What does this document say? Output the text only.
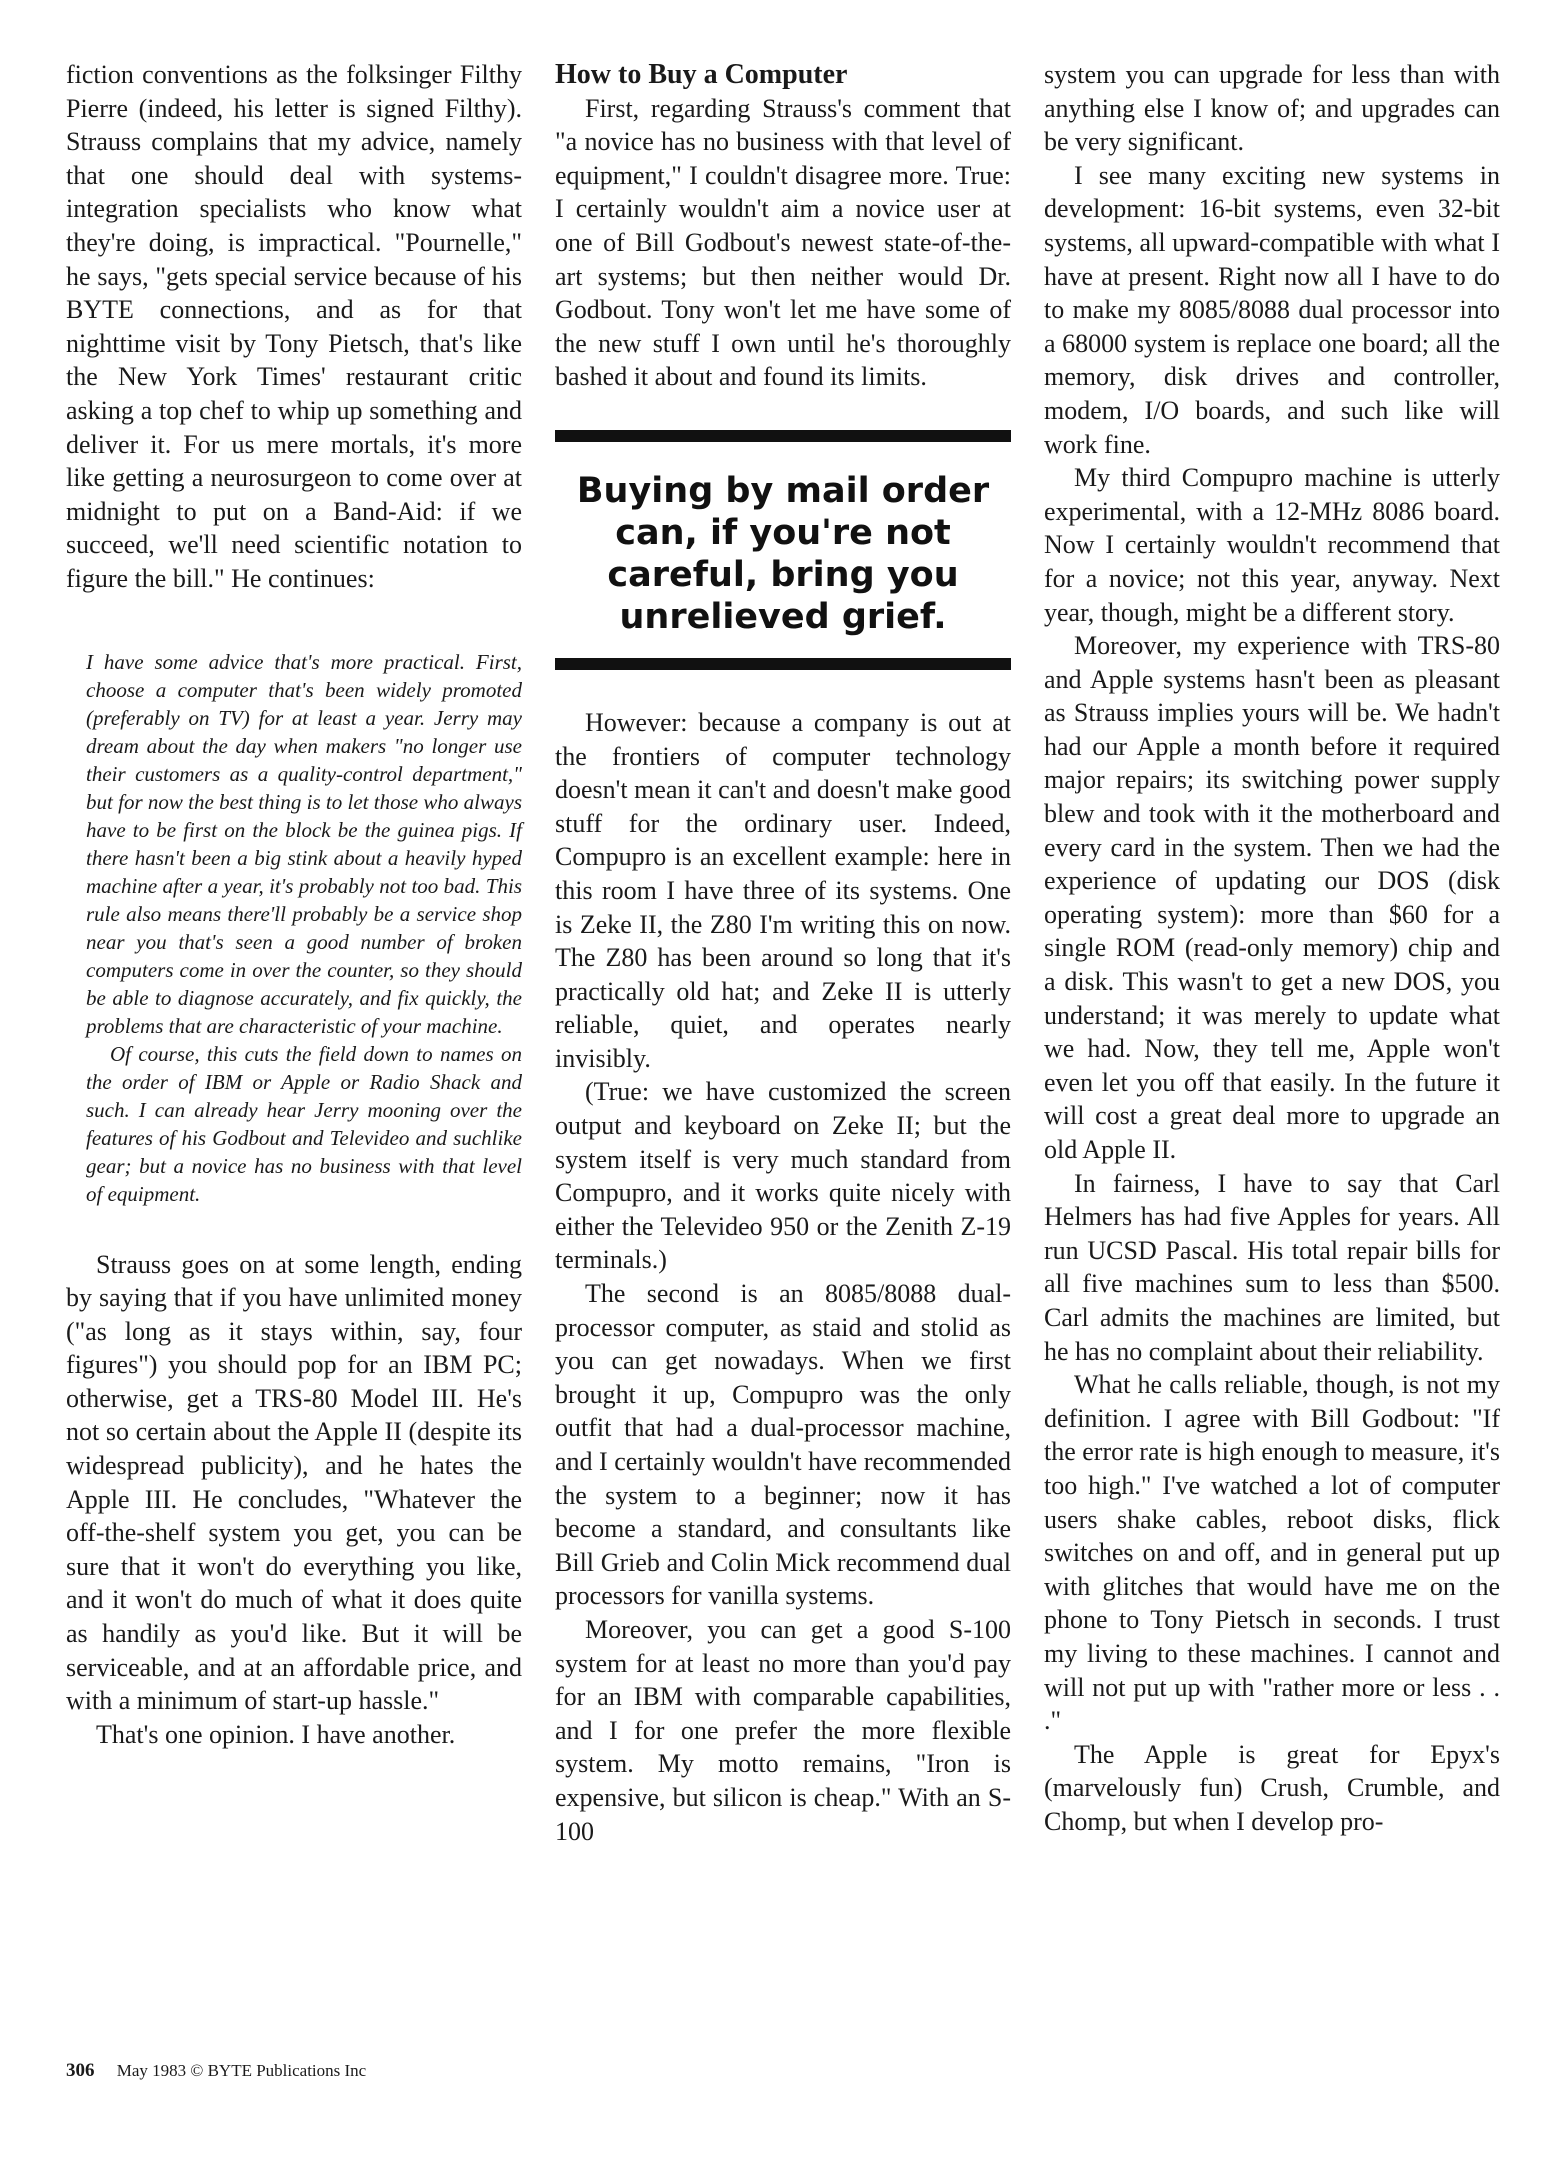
fiction conventions as the folksinger Filthy Pierre (indeed, his letter is signed Filthy). Strauss complains that my advice, namely that one should deal with systems-integration specialists who know what they're doing, is impractical. "Pournelle," he says, "gets special service because of his BYTE connections, and as for that nighttime visit by Tony Pietsch, that's like the New York Times' restaurant critic asking a top chef to whip up something and deliver it. For us mere mortals, it's more like getting a neurosurgeon to come over at midnight to put on a Band-Aid: if we succeed, we'll need scientific notation to figure the bill." He continues:

I have some advice that's more practical. First, choose a computer that's been widely promoted (preferably on TV) for at least a year. Jerry may dream about the day when makers "no longer use their customers as a quality-control department," but for now the best thing is to let those who always have to be first on the block be the guinea pigs. If there hasn't been a big stink about a heavily hyped machine after a year, it's probably not too bad. This rule also means there'll probably be a service shop near you that's seen a good number of broken computers come in over the counter, so they should be able to diagnose accurately, and fix quickly, the problems that are characteristic of your machine.

Of course, this cuts the field down to names on the order of IBM or Apple or Radio Shack and such. I can already hear Jerry mooning over the features of his Godbout and Televideo and suchlike gear; but a novice has no business with that level of equipment.

Strauss goes on at some length, ending by saying that if you have unlimited money ("as long as it stays within, say, four figures") you should pop for an IBM PC; otherwise, get a TRS-80 Model III. He's not so certain about the Apple II (despite its widespread publicity), and he hates the Apple III. He concludes, "Whatever the off-the-shelf system you get, you can be sure that it won't do everything you like, and it won't do much of what it does quite as handily as you'd like. But it will be serviceable, and at an affordable price, and with a minimum of start-up hassle."

That's one opinion. I have another.

How to Buy a Computer

First, regarding Strauss's comment that "a novice has no business with that level of equipment," I couldn't disagree more. True: I certainly wouldn't aim a novice user at one of Bill Godbout's newest state-of-the-art systems; but then neither would Dr. Godbout. Tony won't let me have some of the new stuff I own until he's thoroughly bashed it about and found its limits.

Buying by mail order can, if you're not careful, bring you unrelieved grief.

However: because a company is out at the frontiers of computer technology doesn't mean it can't and doesn't make good stuff for the ordinary user. Indeed, Compupro is an excellent example: here in this room I have three of its systems. One is Zeke II, the Z80 I'm writing this on now. The Z80 has been around so long that it's practically old hat; and Zeke II is utterly reliable, quiet, and operates nearly invisibly.

(True: we have customized the screen output and keyboard on Zeke II; but the system itself is very much standard from Compupro, and it works quite nicely with either the Televideo 950 or the Zenith Z-19 terminals.)

The second is an 8085/8088 dual-processor computer, as staid and stolid as you can get nowadays. When we first brought it up, Compupro was the only outfit that had a dual-processor machine, and I certainly wouldn't have recommended the system to a beginner; now it has become a standard, and consultants like Bill Grieb and Colin Mick recommend dual processors for vanilla systems.

Moreover, you can get a good S-100 system for at least no more than you'd pay for an IBM with comparable capabilities, and I for one prefer the more flexible system. My motto remains, "Iron is expensive, but silicon is cheap." With an S-100

system you can upgrade for less than with anything else I know of; and upgrades can be very significant.

I see many exciting new systems in development: 16-bit systems, even 32-bit systems, all upward-compatible with what I have at present. Right now all I have to do to make my 8085/8088 dual processor into a 68000 system is replace one board; all the memory, disk drives and controller, modem, I/O boards, and such like will work fine.

My third Compupro machine is utterly experimental, with a 12-MHz 8086 board. Now I certainly wouldn't recommend that for a novice; not this year, anyway. Next year, though, might be a different story.

Moreover, my experience with TRS-80 and Apple systems hasn't been as pleasant as Strauss implies yours will be. We hadn't had our Apple a month before it required major repairs; its switching power supply blew and took with it the motherboard and every card in the system. Then we had the experience of updating our DOS (disk operating system): more than $60 for a single ROM (read-only memory) chip and a disk. This wasn't to get a new DOS, you understand; it was merely to update what we had. Now, they tell me, Apple won't even let you off that easily. In the future it will cost a great deal more to upgrade an old Apple II.

In fairness, I have to say that Carl Helmers has had five Apples for years. All run UCSD Pascal. His total repair bills for all five machines sum to less than $500. Carl admits the machines are limited, but he has no complaint about their reliability.

What he calls reliable, though, is not my definition. I agree with Bill Godbout: "If the error rate is high enough to measure, it's too high." I've watched a lot of computer users shake cables, reboot disks, flick switches on and off, and in general put up with glitches that would have me on the phone to Tony Pietsch in seconds. I trust my living to these machines. I cannot and will not put up with "rather more or less . . ."

The Apple is great for Epyx's (marvelously fun) Crush, Crumble, and Chomp, but when I develop pro-

306 May 1983 © BYTE Publications Inc
